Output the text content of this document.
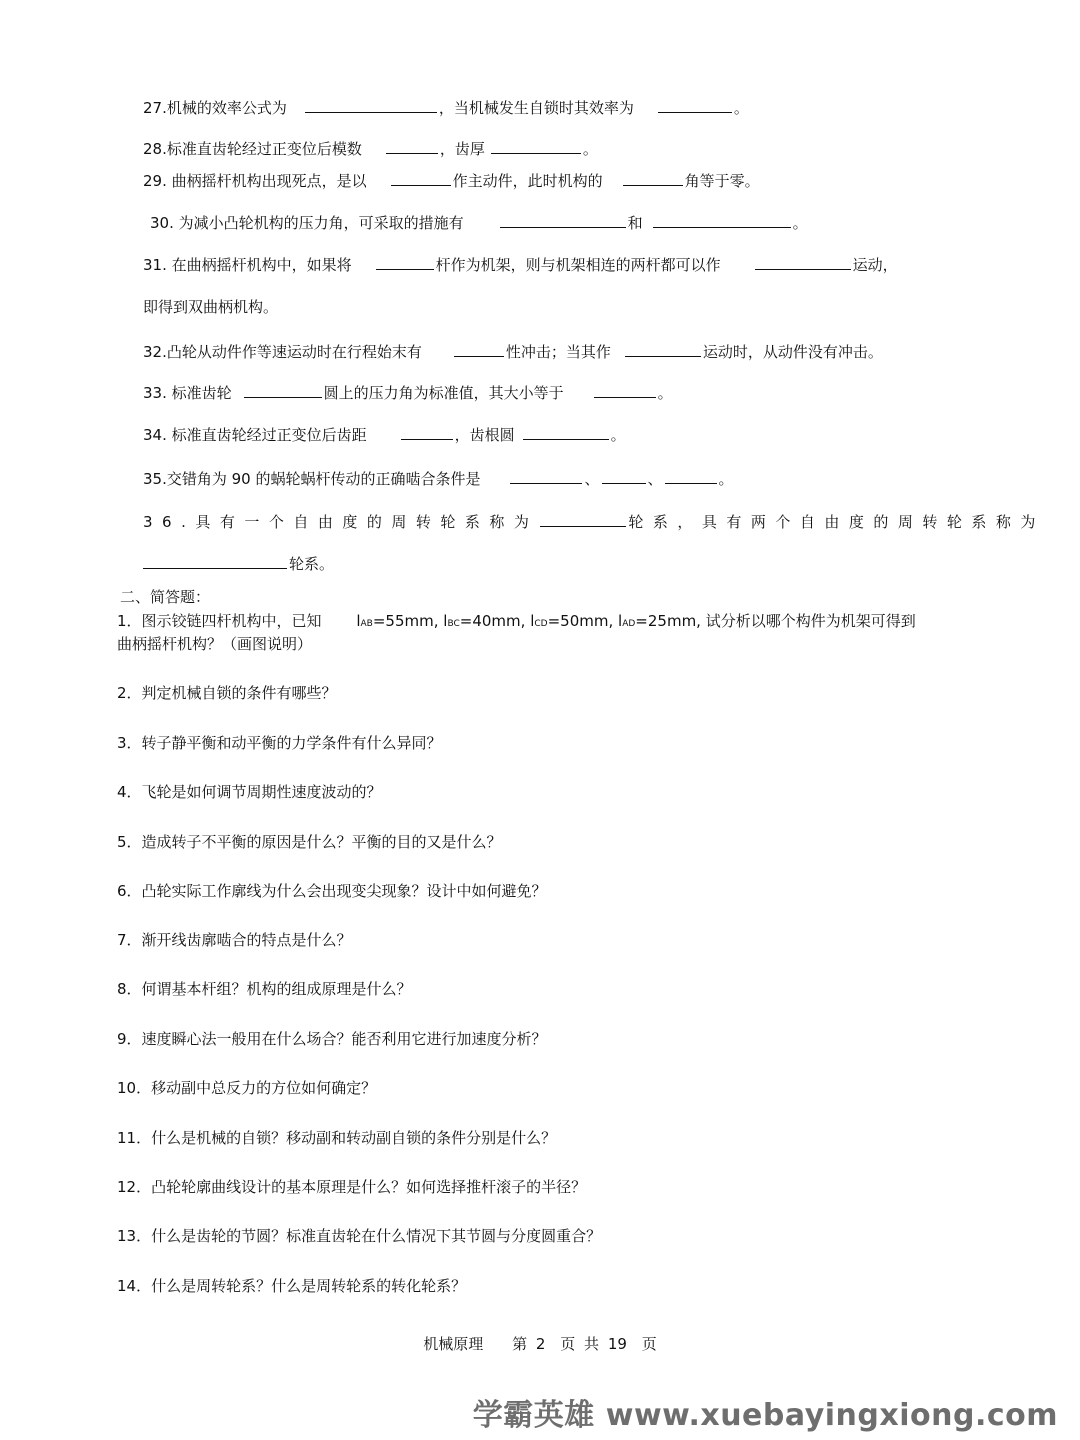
27.机械的效率公式为	，当机械发生自锁时其效率为	。
28.标准直齿轮经过正变位后模数	，齿厚	。
29. 曲柄摇杆机构出现死点，是以	作主动件，此时机构的	角等于零。
30. 为减小凸轮机构的压力角，可采取的措施有	和	。
31. 在曲柄摇杆机构中，如果将	杆作为机架，则与机架相连的两杆都可以作	运动，
即得到双曲柄机构。
32.凸轮从动件作等速运动时在行程始末有	性冲击；当其作	运动时，从动件没有冲击。
33. 标准齿轮	圆上的压力角为标准值，其大小等于	。
34. 标准直齿轮经过正变位后齿距	，齿根圆	。
35.交错角为 90 的蜗轮蜗杆传动的正确啮合条件是	、	、	。
36.具有一个自由度的周转轮系称为	轮系，具有两个自由度的周转轮系称为
轮系。
二、简答题：
1．图示铰链四杆机构中，已知 lAB=55mm, lBC=40mm, lCD=50mm, lAD=25mm, 试分析以哪个构件为机架可得到
曲柄摇杆机构？（画图说明）
2．判定机械自锁的条件有哪些？
3．转子静平衡和动平衡的力学条件有什么异同？
4．飞轮是如何调节周期性速度波动的？
5．造成转子不平衡的原因是什么？平衡的目的又是什么？
6．凸轮实际工作廓线为什么会出现变尖现象？设计中如何避免？
7．渐开线齿廓啮合的特点是什么？
8．何谓基本杆组？机构的组成原理是什么？
9．速度瞬心法一般用在什么场合？能否利用它进行加速度分析？
10．移动副中总反力的方位如何确定？
11．什么是机械的自锁？移动副和转动副自锁的条件分别是什么？
12．凸轮轮廓曲线设计的基本原理是什么？如何选择推杆滚子的半径？
13．什么是齿轮的节圆？标准直齿轮在什么情况下其节圆与分度圆重合？
14．什么是周转轮系？什么是周转轮系的转化轮系？
机械原理 第 2 页 共 19 页
学霸英雄 www.xuebayingxiong.com
